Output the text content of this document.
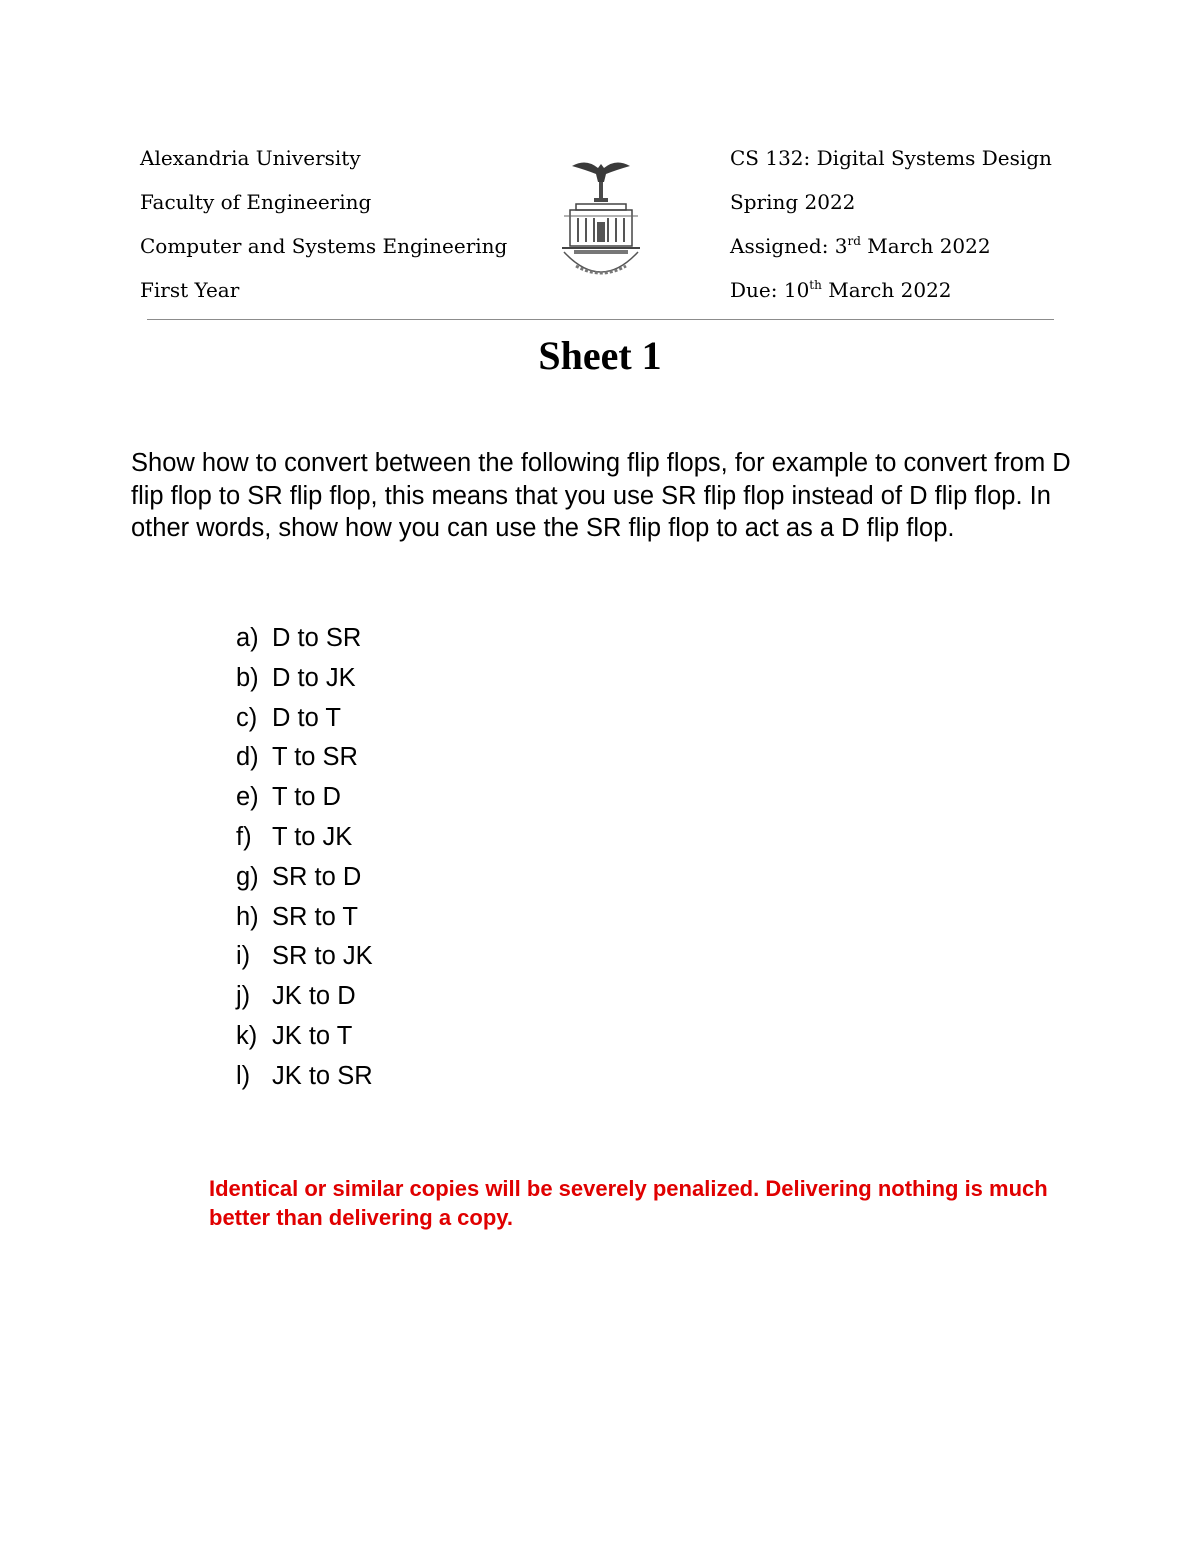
Alexandria University
Faculty of Engineering
Computer and Systems Engineering
First Year
CS 132: Digital Systems Design
Spring 2022
Assigned: 3rd March 2022
Due: 10th March 2022
Sheet 1
Show how to convert between the following flip flops, for example to convert from D flip flop to SR flip flop, this means that you use SR flip flop instead of D flip flop. In other words, show how you can use the SR flip flop to act as a D flip flop.
a) D to SR
b) D to JK
c) D to T
d) T to SR
e) T to D
f) T to JK
g) SR to D
h) SR to T
i) SR to JK
j) JK to D
k) JK to T
l) JK to SR
Identical or similar copies will be severely penalized. Delivering nothing is much better than delivering a copy.
